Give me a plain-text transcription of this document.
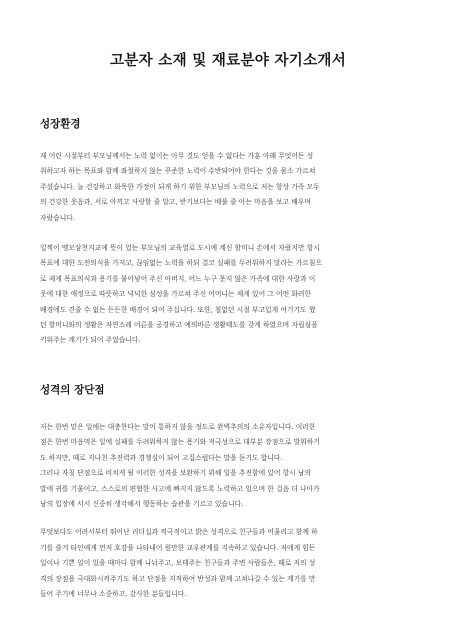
고분자 소재 및 재료분야 자기소개서
성장환경

제 어린 시절부터 부모님께서는 노력 없이는 아무 것도 얻을 수 없다는 가훈 아래 무엇이든 성
취하고자 하는 목표와 함께 좌절하지 않는 꾸준한 노력이 수반되어야 한다는 것을 몸소 가르쳐
주셨습니다. 늘 건강하고 화목한 가정이 되게 하기 위한 부모님의 노력으로 저는 항상 가족 모두
의 건강한 웃음과, 서로 아끼고 사랑할 줄 알고, 받기보다는 베풀 줄 아는 마음을 보고 배우며
자랐습니다.

일찍이 맹모삼천지교에 뜻이 있는 부모님의 교육열로 도시에 계신 할머니 손에서 자랐지만 항시
목표에 대한 도전의식을 가지고, 끊임없는 노력을 하되 결코 실패를 두려워하지 말라는 가르침으
로 제게 목표의식과 용기를 붙어넣어 주신 아버지, 어느 누구 못지 않은 가족에 대한 사랑과 이
웃에 대한 애정으로 따뜻하고 넉넉한 심성을 가르쳐 주신 어머니는 제게 있어 그 어떤 화려한
배경에도 견줄 수 없는 든든한 배경이 되어 주십니다. 또한, 철없던 시절 부고입게 여기기도 했
던 할머니와의 생활은 자연스레 어른을 공경하고 예의바른 생활태도를 갖게 하였으며 자립심을
키워주는 계기가 되어 주었습니다.

성격의 장단점

저는 한번 맡은 일에는 대충한다는 말이 통하지 않을 정도로 완벽추의의 소유자입니다. 이러한
점은 한번 마음먹은 일에 실패를 두려워하지 않는 용기와 적극성으로 대부분 장점으로 발휘하기
도 하지만, 때로 지나친 추진력과 경쟁심이 되어 고집스럽다는 말을 듣기도 합니다.
그러나 자칫 단점으로 비치게 될 이러한 성격을 보완하기 위해 일을 추진함에 있어 항시 남의
말에 귀를 기울이고, 스스로의 편협한 사고에 빠지지 않도록 노력하고 있으며 한 걸음 더 나아가
남의 입장에 서서 신중히 생각해서 행동하는 습관을 기르고 있습니다.

무엇보다도 어려서부터 뛰어난 리더십과 적극적이고 밝은 성격으로 친구들과 어울리고 함께 하
기를 즐겨 타인에게 먼저 호감을 나타내어 원만한 교우관계를 지속하고 있습니다. 저에게 힘든
일이나 기쁜 일이 있을 때마다 함께 나눠주고, 보태주는 친구들과 주변 사람들은, 때로 저의 성
격의 장점을 극대화시켜주기도 하고 단점을 지적하여 반성과 함께 고쳐나갈 수 있는 계기를 만
들어 주기에 너무나 소중하고, 감사한 분들입니다.
